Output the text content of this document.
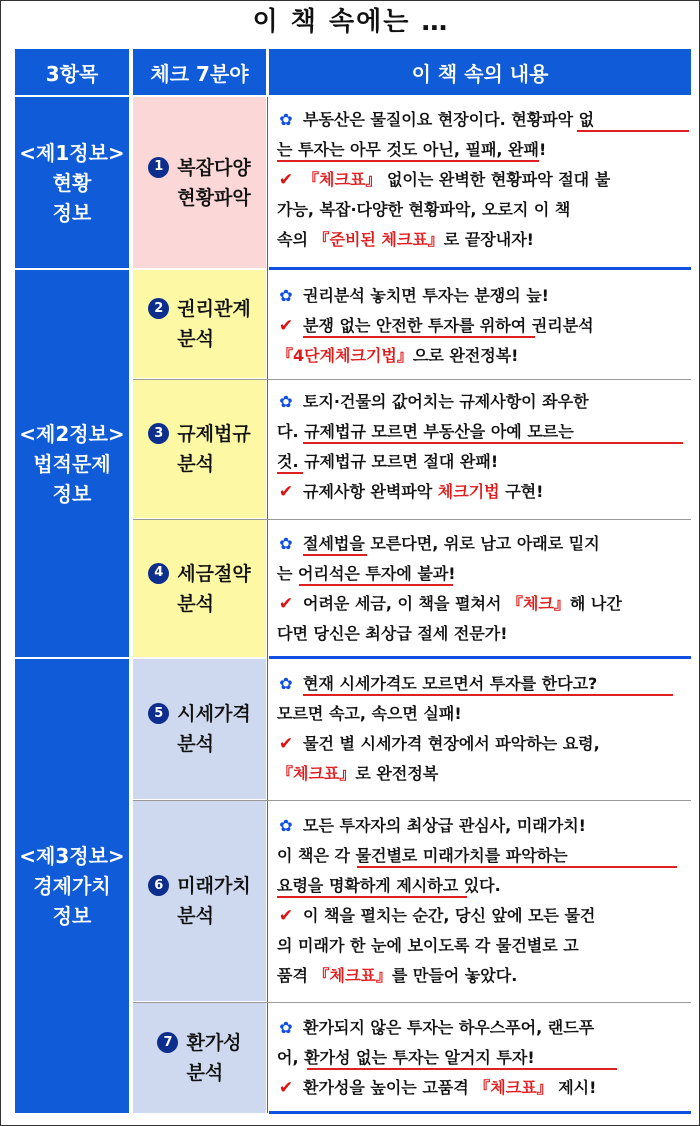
이 책 속에는 …
3항목	체크 7분야	이 책 속의 내용
<제1정보>
현황
정보
<제2정보>
법적문제
정보
<제3정보>
경제가치
정보
1 복잡다양
현황파악
2 권리관계
분석
3 규제법규
분석
4 세금절약
분석
5 시세가격
분석
6 미래가치
분석
7 환가성
분석
✿ 부동산은 물질이요 현장이다. 현황파악 없
는 투자는 아무 것도 아닌, 필패, 완패!
✔ 『체크표』 없이는 완벽한 현황파악 절대 불
가능, 복잡·다양한 현황파악, 오로지 이 책
속의 『준비된 체크표』로 끝장내자!
✿ 권리분석 놓치면 투자는 분쟁의 늪!
✔ 분쟁 없는 안전한 투자를 위하여 권리분석
『4단계체크기법』으로 완전정복!
✿ 토지·건물의 값어치는 규제사항이 좌우한
다. 규제법규 모르면 부동산을 아예 모르는
것. 규제법규 모르면 절대 완패!
✔ 규제사항 완벽파악 체크기법 구현!
✿ 절세법을 모른다면, 위로 남고 아래로 밑지
는 어리석은 투자에 불과!
✔ 어려운 세금, 이 책을 펼쳐서 『체크』해 나간
다면 당신은 최상급 절세 전문가!
✿ 현재 시세가격도 모르면서 투자를 한다고?
모르면 속고, 속으면 실패!
✔ 물건 별 시세가격 현장에서 파악하는 요령,
『체크표』로 완전정복
✿ 모든 투자자의 최상급 관심사, 미래가치!
이 책은 각 물건별로 미래가치를 파악하는
요령을 명확하게 제시하고 있다.
✔ 이 책을 펼치는 순간, 당신 앞에 모든 물건
의 미래가 한 눈에 보이도록 각 물건별로 고
품격 『체크표』를 만들어 놓았다.
✿ 환가되지 않은 투자는 하우스푸어, 랜드푸
어, 환가성 없는 투자는 알거지 투자!
✔ 환가성을 높이는 고품격 『체크표』 제시!
